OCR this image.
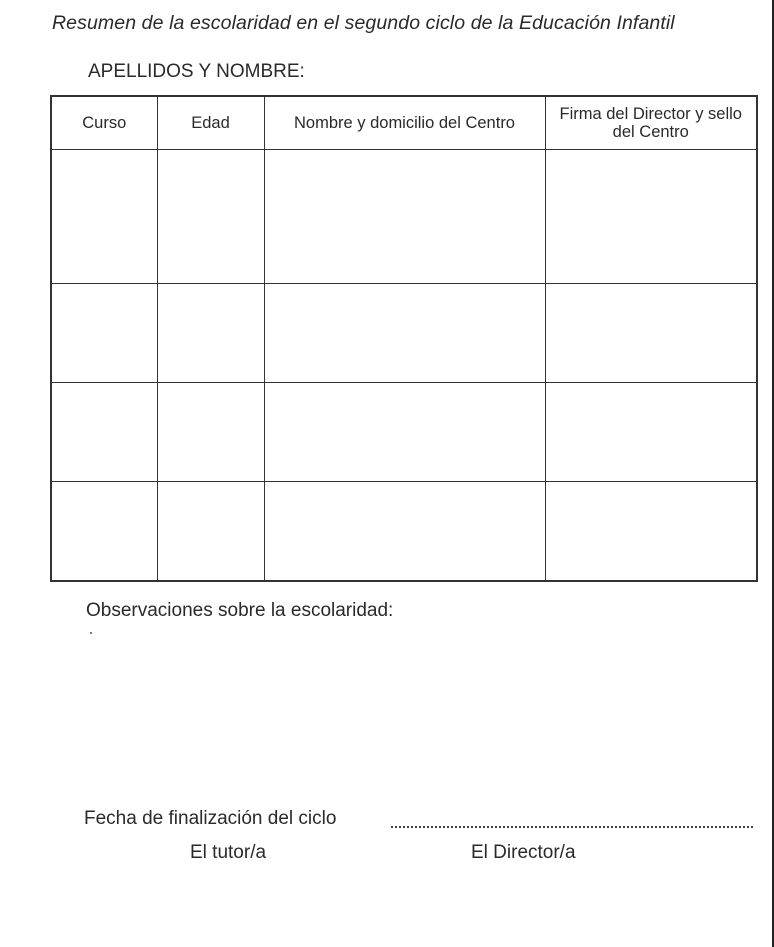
Resumen de la escolaridad en el segundo ciclo de la Educación Infantil
APELLIDOS Y NOMBRE:
Curso	Edad	Nombre y domicilio del Centro	Firma del Director y sello del Centro

Observaciones sobre la escolaridad:
Fecha de finalización del ciclo
El tutor/a	El Director/a
